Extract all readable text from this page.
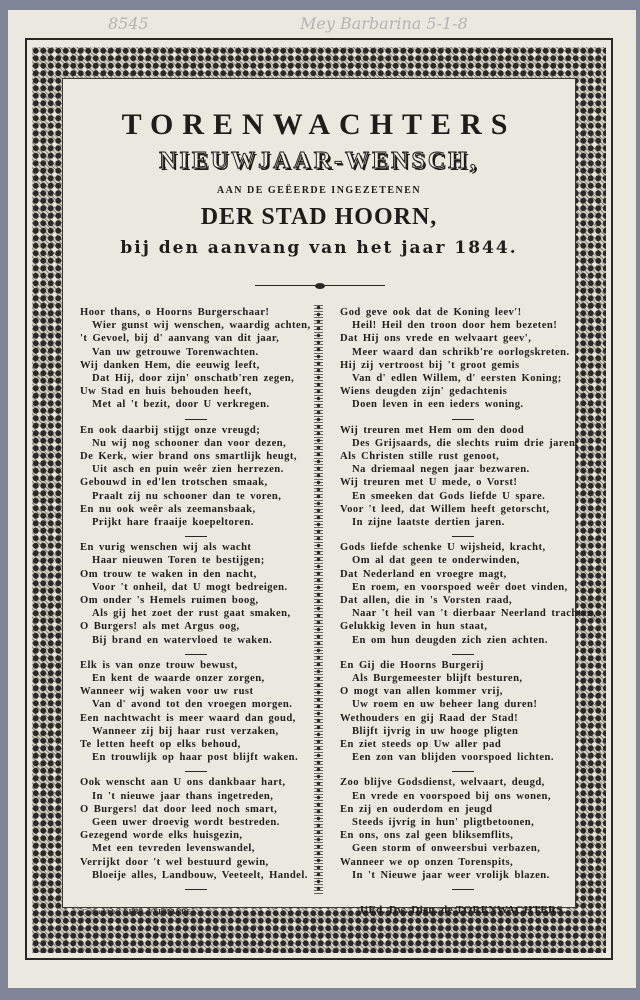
8545	Mey Barbarina 5-1-8
TORENWACHTERS
NIEUWJAAR-WENSCH,
AAN DE GEËERDE INGEZETENEN
DER STAD HOORN,
bij den aanvang van het jaar 1844.
Hoor thans, o Hoorns Burgerschaar!
Wier gunst wij wenschen, waardig achten,
't Gevoel, bij d' aanvang van dit jaar,
Van uw getrouwe Torenwachten.
Wij danken Hem, die eeuwig leeft,
Dat Hij, door zijn' onschatb'ren zegen,
Uw Stad en huis behouden heeft,
Met al 't bezit, door U verkregen.
En ook daarbij stijgt onze vreugd;
Nu wij nog schooner dan voor dezen,
De Kerk, wier brand ons smartlijk heugt,
Uit asch en puin weêr zien herrezen.
Gebouwd in ed'len trotschen smaak,
Praalt zij nu schooner dan te voren,
En nu ook weêr als zeemansbaak,
Prijkt hare fraaije koepeltoren.
En vurig wenschen wij als wacht
Haar nieuwen Toren te bestijgen;
Om trouw te waken in den nacht,
Voor 't onheil, dat U mogt bedreigen.
Om onder 's Hemels ruimen boog,
Als gij het zoet der rust gaat smaken,
O Burgers! als met Argus oog,
Bij brand en watervloed te waken.
Elk is van onze trouw bewust,
En kent de waarde onzer zorgen,
Wanneer wij waken voor uw rust
Van d' avond tot den vroegen morgen.
Een nachtwacht is meer waard dan goud,
Wanneer zij bij haar rust verzaken,
Te letten heeft op elks behoud,
En trouwlijk op haar post blijft waken.
Ook wenscht aan U ons dankbaar hart,
In 't nieuwe jaar thans ingetreden,
O Burgers! dat door leed noch smart,
Geen uwer droevig wordt bestreden.
Gezegend worde elks huisgezin,
Met een tevreden levenswandel,
Verrijkt door 't wel bestuurd gewin,
Bloeije alles, Landbouw, Veeteelt, Handel.
God geve ook dat de Koning leev'!
Heil! Heil den troon door hem bezeten!
Dat Hij ons vrede en welvaart geev',
Meer waard dan schrikb're oorlogskreten.
Hij zij vertroost bij 't groot gemis
Van d' edlen Willem, d' eersten Koning;
Wiens deugden zijn' gedachtenis
Doen leven in een ieders woning.
Wij treuren met Hem om den dood
Des Grijsaards, die slechts ruim drie jaren,
Als Christen stille rust genoot,
Na driemaal negen jaar bezwaren.
Wij treuren met U mede, o Vorst!
En smeeken dat Gods liefde U spare.
Voor 't leed, dat Willem heeft getorscht,
In zijne laatste dertien jaren.
Gods liefde schenke U wijsheid, kracht,
Om al dat geen te onderwinden,
Dat Nederland en vroegre magt,
En roem, en voorspoed weêr doet vinden,
Dat allen, die in 's Vorsten raad,
Naar 't heil van 't dierbaar Neerland trachten,
Gelukkig leven in hun staat,
En om hun deugden zich zien achten.
En Gij die Hoorns Burgerij
Als Burgemeester blijft besturen,
O mogt van allen kommer vrij,
Uw roem en uw beheer lang duren!
Wethouders en gij Raad der Stad!
Blijft ijvrig in uw hooge pligten
En ziet steeds op Uw aller pad
Een zon van blijden voorspoed lichten.
Zoo blijve Godsdienst, welvaart, deugd,
En vrede en voorspoed bij ons wonen,
En zij en ouderdom en jeugd
Steeds ijvrig in hun' pligtbetoonen,
En ons, ons zal geen bliksemflits,
Geen storm of onweersbui verbazen,
Wanneer we op onzen Torenspits,
In 't Nieuwe jaar weer vrolijk blazen.
Gedrukt bij GEBR. VERMANDE.	UEd. Dw. Dien. de TORENWACHTERS.
